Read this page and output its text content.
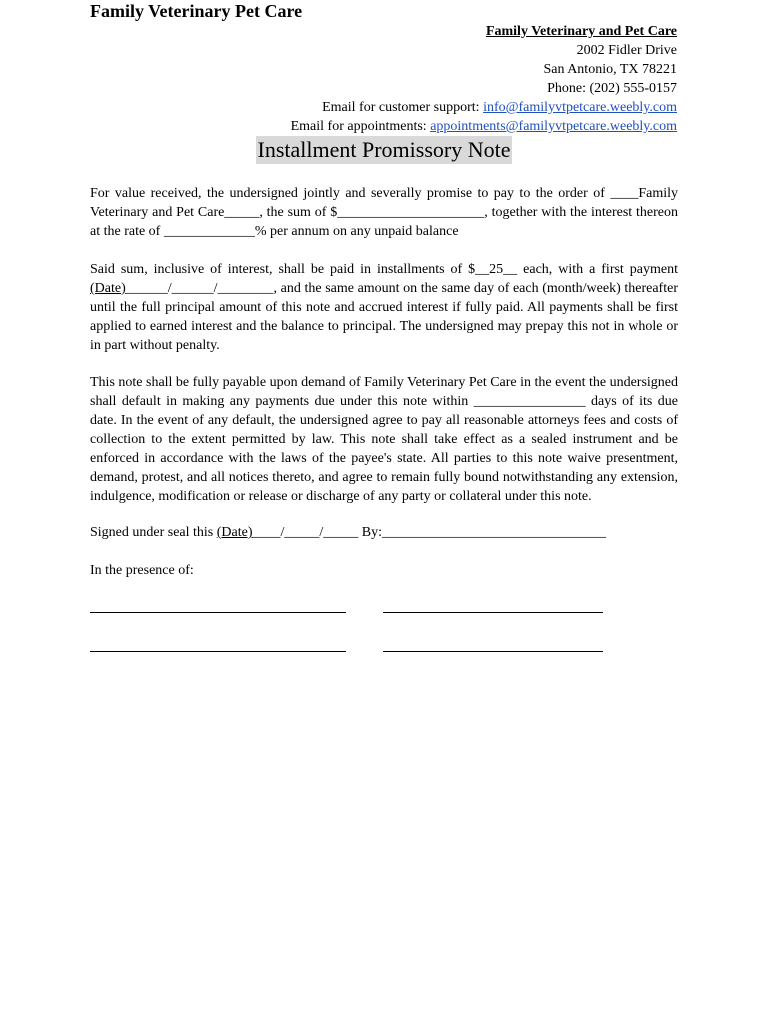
Family Veterinary Pet Care
Family Veterinary and Pet Care
2002 Fidler Drive
San Antonio, TX 78221
Phone: (202) 555-0157
Email for customer support: info@familyvtpetcare.weebly.com
Email for appointments: appointments@familyvtpetcare.weebly.com
Installment Promissory Note

For value received, the undersigned jointly and severally promise to pay to the order of ____Family Veterinary and Pet Care_____, the sum of $_____________________, together with the interest thereon at the rate of _____________% per annum on any unpaid balance

Said sum, inclusive of interest, shall be paid in installments of $__25__ each, with a first payment (Date)______/______/________, and the same amount on the same day of each (month/week) thereafter until the full principal amount of this note and accrued interest if fully paid. All payments shall be first applied to earned interest and the balance to principal. The undersigned may prepay this not in whole or in part without penalty.

This note shall be fully payable upon demand of Family Veterinary Pet Care in the event the undersigned shall default in making any payments due under this note within ________________ days of its due date. In the event of any default, the undersigned agree to pay all reasonable attorneys fees and costs of collection to the extent permitted by law. This note shall take effect as a sealed instrument and be enforced in accordance with the laws of the payee's state. All parties to this note waive presentment, demand, protest, and all notices thereto, and agree to remain fully bound notwithstanding any extension, indulgence, modification or release or discharge of any party or collateral under this note.

Signed under seal this (Date)____/_____/_____ By:________________________________
In the presence of:
